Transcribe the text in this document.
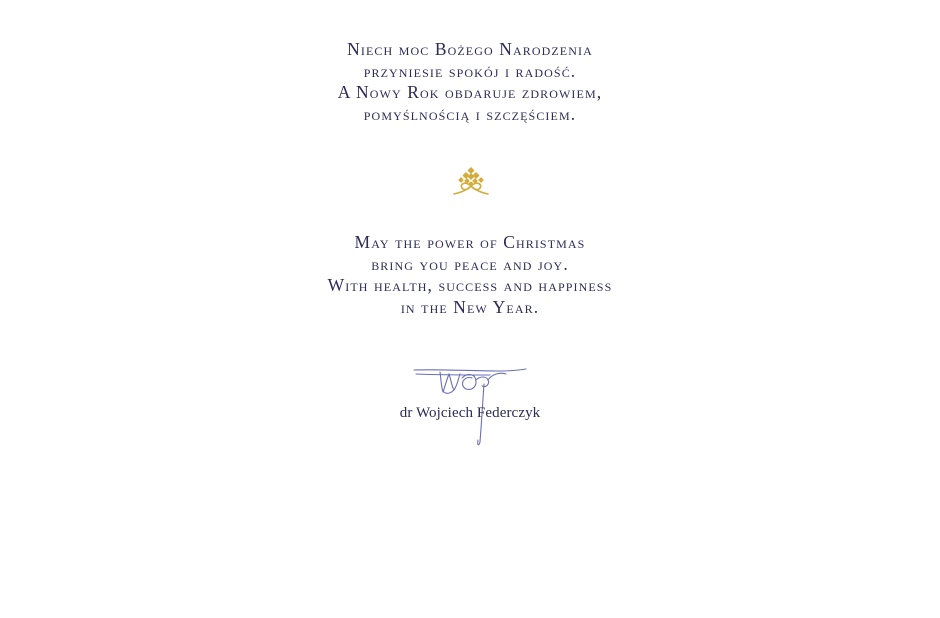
Niech moc Bożego Narodzenia
przyniesie spokój i radość.
A Nowy Rok obdaruje zdrowiem,
pomyślnością i szczęściem.
May the power of Christmas
bring you peace and joy.
With health, success and happiness
in the New Year.
dr Wojciech Federczyk
